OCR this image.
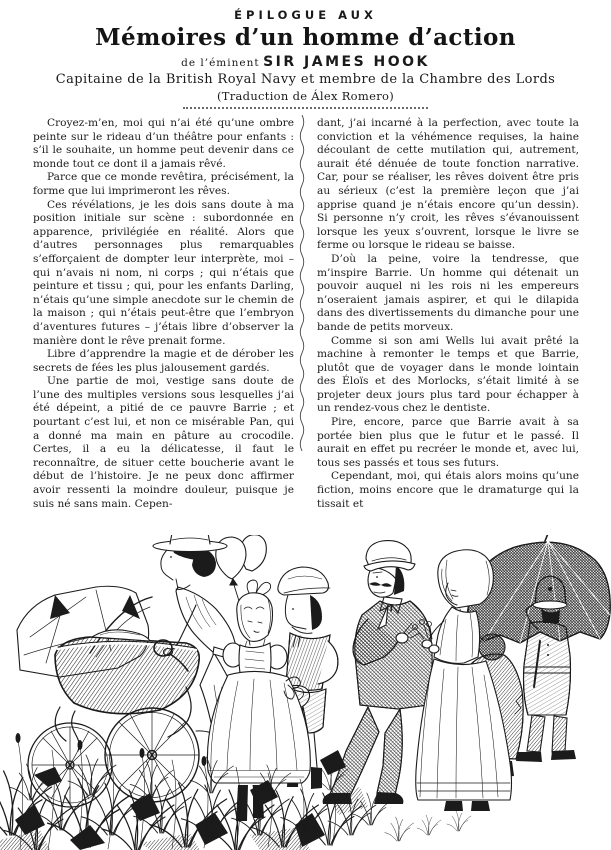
ÉPILOGUE AUX
Mémoires d’un homme d’action
de l’éminent SIR JAMES HOOK
Capitaine de la British Royal Navy et membre de la Chambre des Lords
(Traduction de Álex Romero)

Croyez-m’en, moi qui n’ai été qu’une ombre peinte sur le rideau d’un théâtre pour enfants : s’il le souhaite, un homme peut devenir dans ce monde tout ce dont il a jamais rêvé.

Parce que ce monde revêtira, précisément, la forme que lui imprimeront les rêves.

Ces révélations, je les dois sans doute à ma position initiale sur scène : subordonnée en apparence, privilégiée en réalité. Alors que d’autres personnages plus remarquables s’efforçaient de dompter leur interprète, moi – qui n’avais ni nom, ni corps ; qui n’étais que peinture et tissu ; qui, pour les enfants Darling, n’étais qu’une simple anecdote sur le chemin de la maison ; qui n’étais peut-être que l’embryon d’aventures futures – j’étais libre d’observer la manière dont le rêve prenait forme.

Libre d’apprendre la magie et de dérober les secrets de fées les plus jalousement gardés.

Une partie de moi, vestige sans doute de l’une des multiples versions sous lesquelles j’ai été dépeint, a pitié de ce pauvre Barrie ; et pourtant c’est lui, et non ce misérable Pan, qui a donné ma main en pâture au crocodile. Certes, il a eu la délicatesse, il faut le reconnaître, de situer cette boucherie avant le début de l’histoire. Je ne peux donc affirmer avoir ressenti la moindre douleur, puisque je suis né sans main. Cepen-

dant, j’ai incarné à la perfection, avec toute la conviction et la véhémence requises, la haine découlant de cette mutilation qui, autrement, aurait été dénuée de toute fonction narrative. Car, pour se réaliser, les rêves doivent être pris au sérieux (c’est la première leçon que j’ai apprise quand je n’étais encore qu’un dessin). Si personne n’y croit, les rêves s’évanouissent lorsque les yeux s’ouvrent, lorsque le livre se ferme ou lorsque le rideau se baisse.

D’où la peine, voire la tendresse, que m’inspire Barrie. Un homme qui détenait un pouvoir auquel ni les rois ni les empereurs n’oseraient jamais aspirer, et qui le dilapida dans des divertissements du dimanche pour une bande de petits morveux.

Comme si son ami Wells lui avait prêté la machine à remonter le temps et que Barrie, plutôt que de voyager dans le monde lointain des Éloïs et des Morlocks, s’était limité à se projeter deux jours plus tard pour échapper à un rendez-vous chez le dentiste.

Pire, encore, parce que Barrie avait à sa portée bien plus que le futur et le passé. Il aurait en effet pu recréer le monde et, avec lui, tous ses passés et tous ses futurs.

Cependant, moi, qui étais alors moins qu’une fiction, moins encore que le dramaturge qui la tissait et
